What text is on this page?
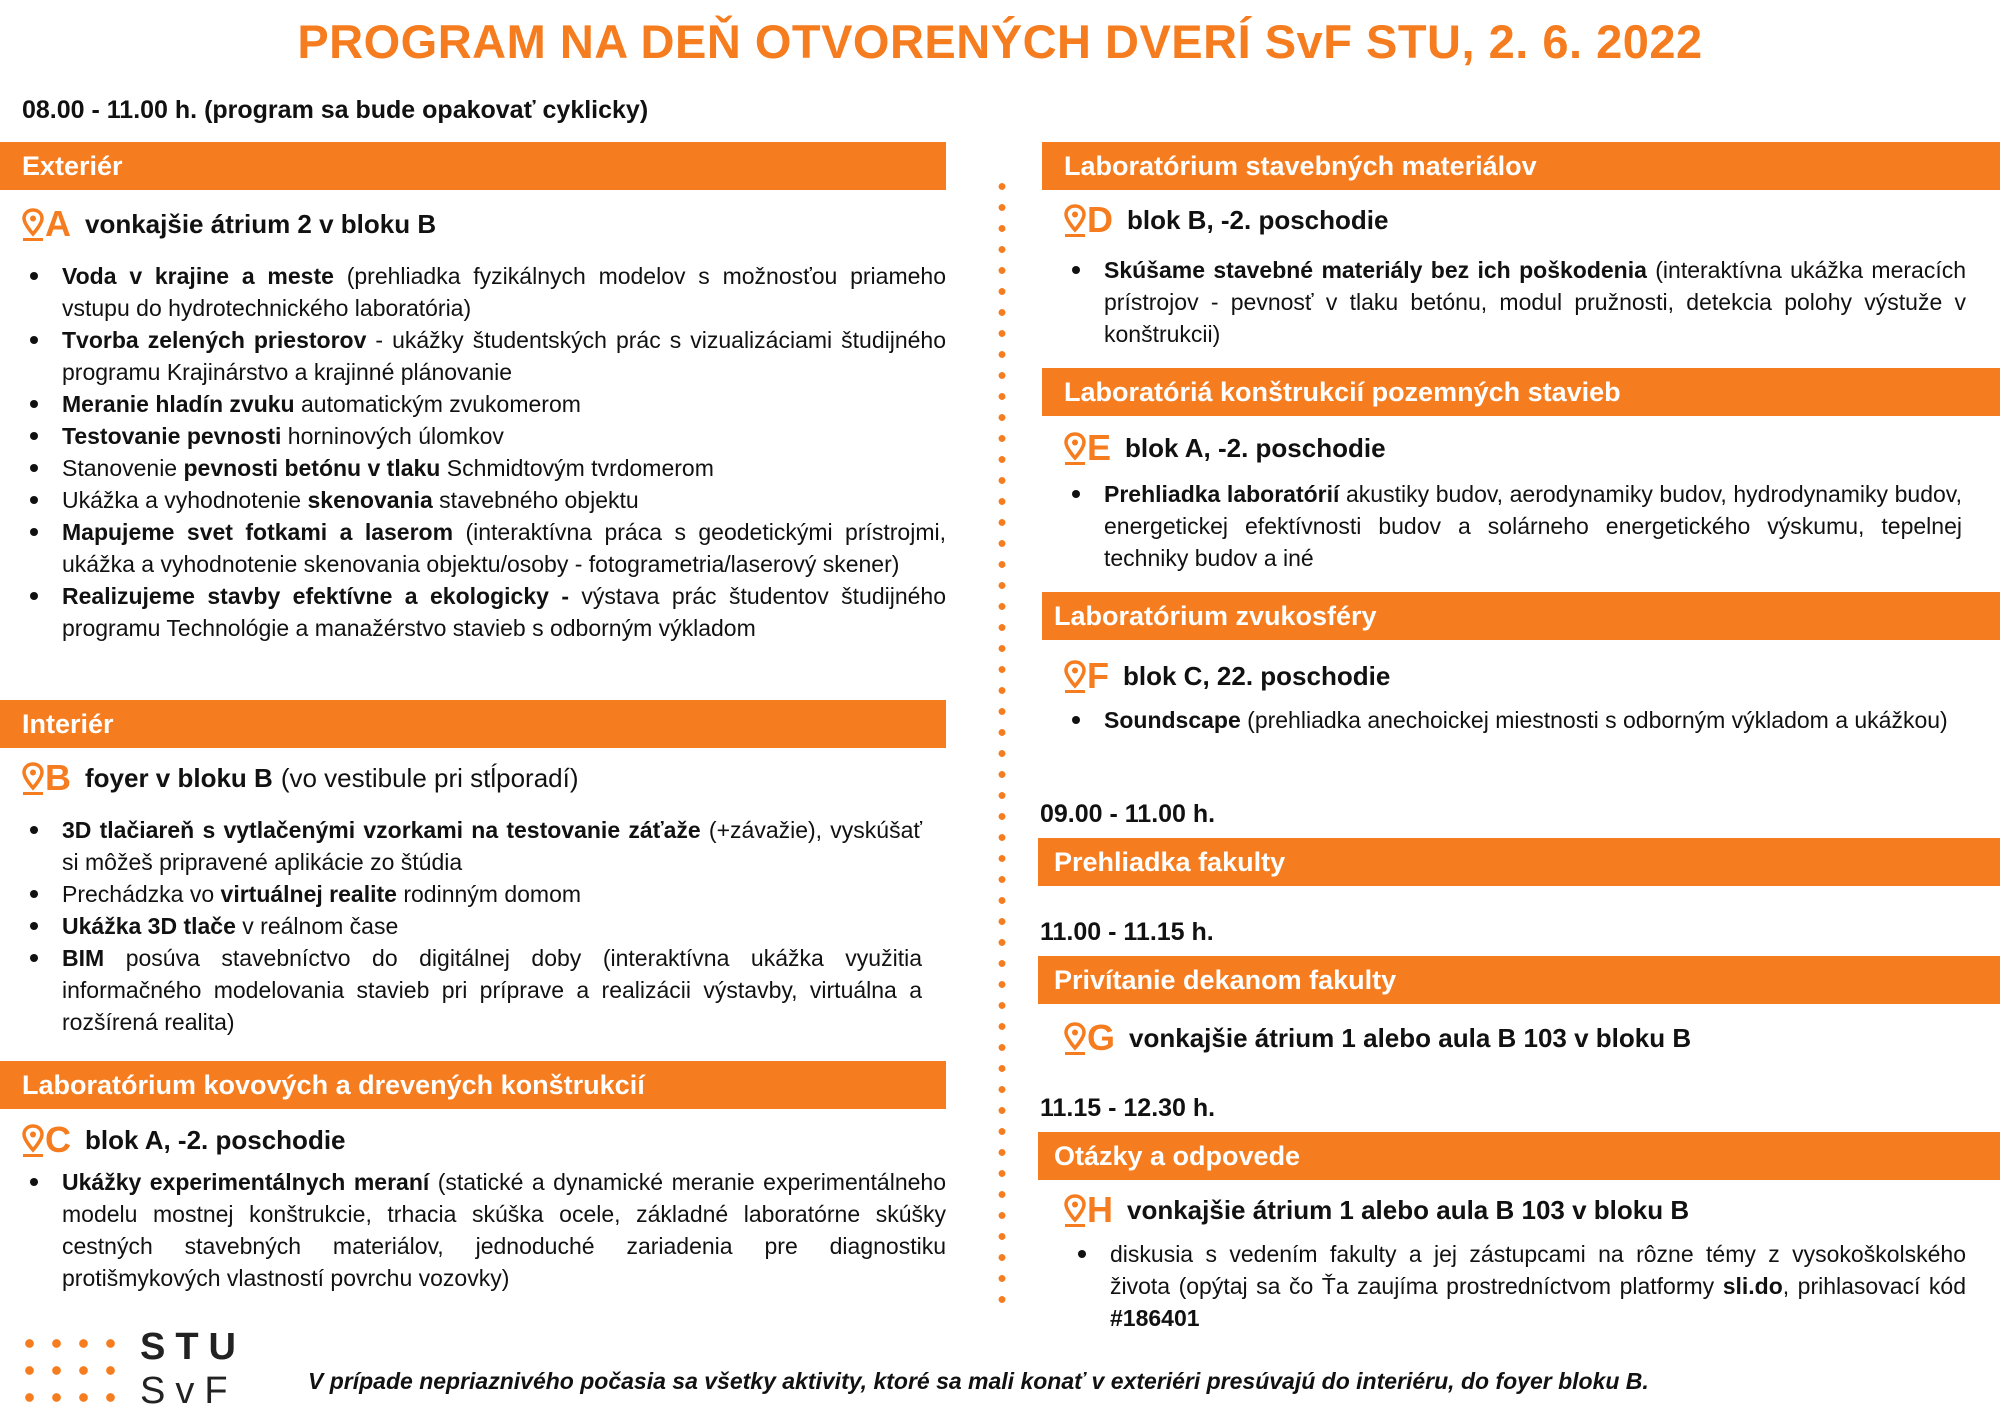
PROGRAM NA DEŇ OTVORENÝCH DVERÍ SvF STU, 2. 6. 2022
08.00 - 11.00 h. (program sa bude opakovať cyklicky)
Exteriér
A vonkajšie átrium 2 v bloku B
Voda v krajine a meste (prehliadka fyzikálnych modelov s možnosťou priameho vstupu do hydrotechnického laboratória)
Tvorba zelených priestorov - ukážky študentských prác s vizualizáciami študijného programu Krajinárstvo a krajinné plánovanie
Meranie hladín zvuku automatickým zvukomerom
Testovanie pevnosti horninových úlomkov
Stanovenie pevnosti betónu v tlaku Schmidtovým tvrdomerom
Ukážka a vyhodnotenie skenovania stavebného objektu
Mapujeme svet fotkami a laserom (interaktívna práca s geodetickými prístrojmi, ukážka a vyhodnotenie skenovania objektu/osoby - fotogrametria/laserový skener)
Realizujeme stavby efektívne a ekologicky - výstava prác študentov študijného programu Technológie a manažérstvo stavieb s odborným výkladom
Interiér
B foyer v bloku B (vo vestibule pri stĺporadí)
3D tlačiareň s vytlačenými vzorkami na testovanie záťaže (+závažie), vyskúšať si môžeš pripravené aplikácie zo štúdia
Prechádzka vo virtuálnej realite rodinným domom
Ukážka 3D tlače v reálnom čase
BIM posúva stavebníctvo do digitálnej doby (interaktívna ukážka využitia informačného modelovania stavieb pri príprave a realizácii výstavby, virtuálna a rozšírená realita)
Laboratórium kovových a drevených konštrukcií
C blok A, -2. poschodie
Ukážky experimentálnych meraní (statické a dynamické meranie experimentálneho modelu mostnej konštrukcie, trhacia skúška ocele, základné laboratórne skúšky cestných stavebných materiálov, jednoduché zariadenia pre diagnostiku protišmykových vlastností povrchu vozovky)
Laboratórium stavebných materiálov
D blok B, -2. poschodie
Skúšame stavebné materiály bez ich poškodenia (interaktívna ukážka meracích prístrojov - pevnosť v tlaku betónu, modul pružnosti, detekcia polohy výstuže v konštrukcii)
Laboratóriá konštrukcií pozemných stavieb
E blok A, -2. poschodie
Prehliadka laboratórií akustiky budov, aerodynamiky budov, hydrodynamiky budov, energetickej efektívnosti budov a solárneho energetického výskumu, tepelnej techniky budov a iné
Laboratórium zvukosféry
F blok C, 22. poschodie
Soundscape (prehliadka anechoickej miestnosti s odborným výkladom a ukážkou)
09.00 - 11.00 h.
Prehliadka fakulty
11.00 - 11.15 h.
Privítanie dekanom fakulty
G vonkajšie átrium 1 alebo aula B 103 v bloku B
11.15 - 12.30 h.
Otázky a odpovede
H vonkajšie átrium 1 alebo aula B 103 v bloku B
diskusia s vedením fakulty a jej zástupcami na rôzne témy z vysokoškolského života (opýtaj sa čo Ťa zaujíma prostredníctvom platformy sli.do, prihlasovací kód #186401
STU
SvF	V prípade nepriaznivého počasia sa všetky aktivity, ktoré sa mali konať v exteriéri presúvajú do interiéru, do foyer bloku B.
